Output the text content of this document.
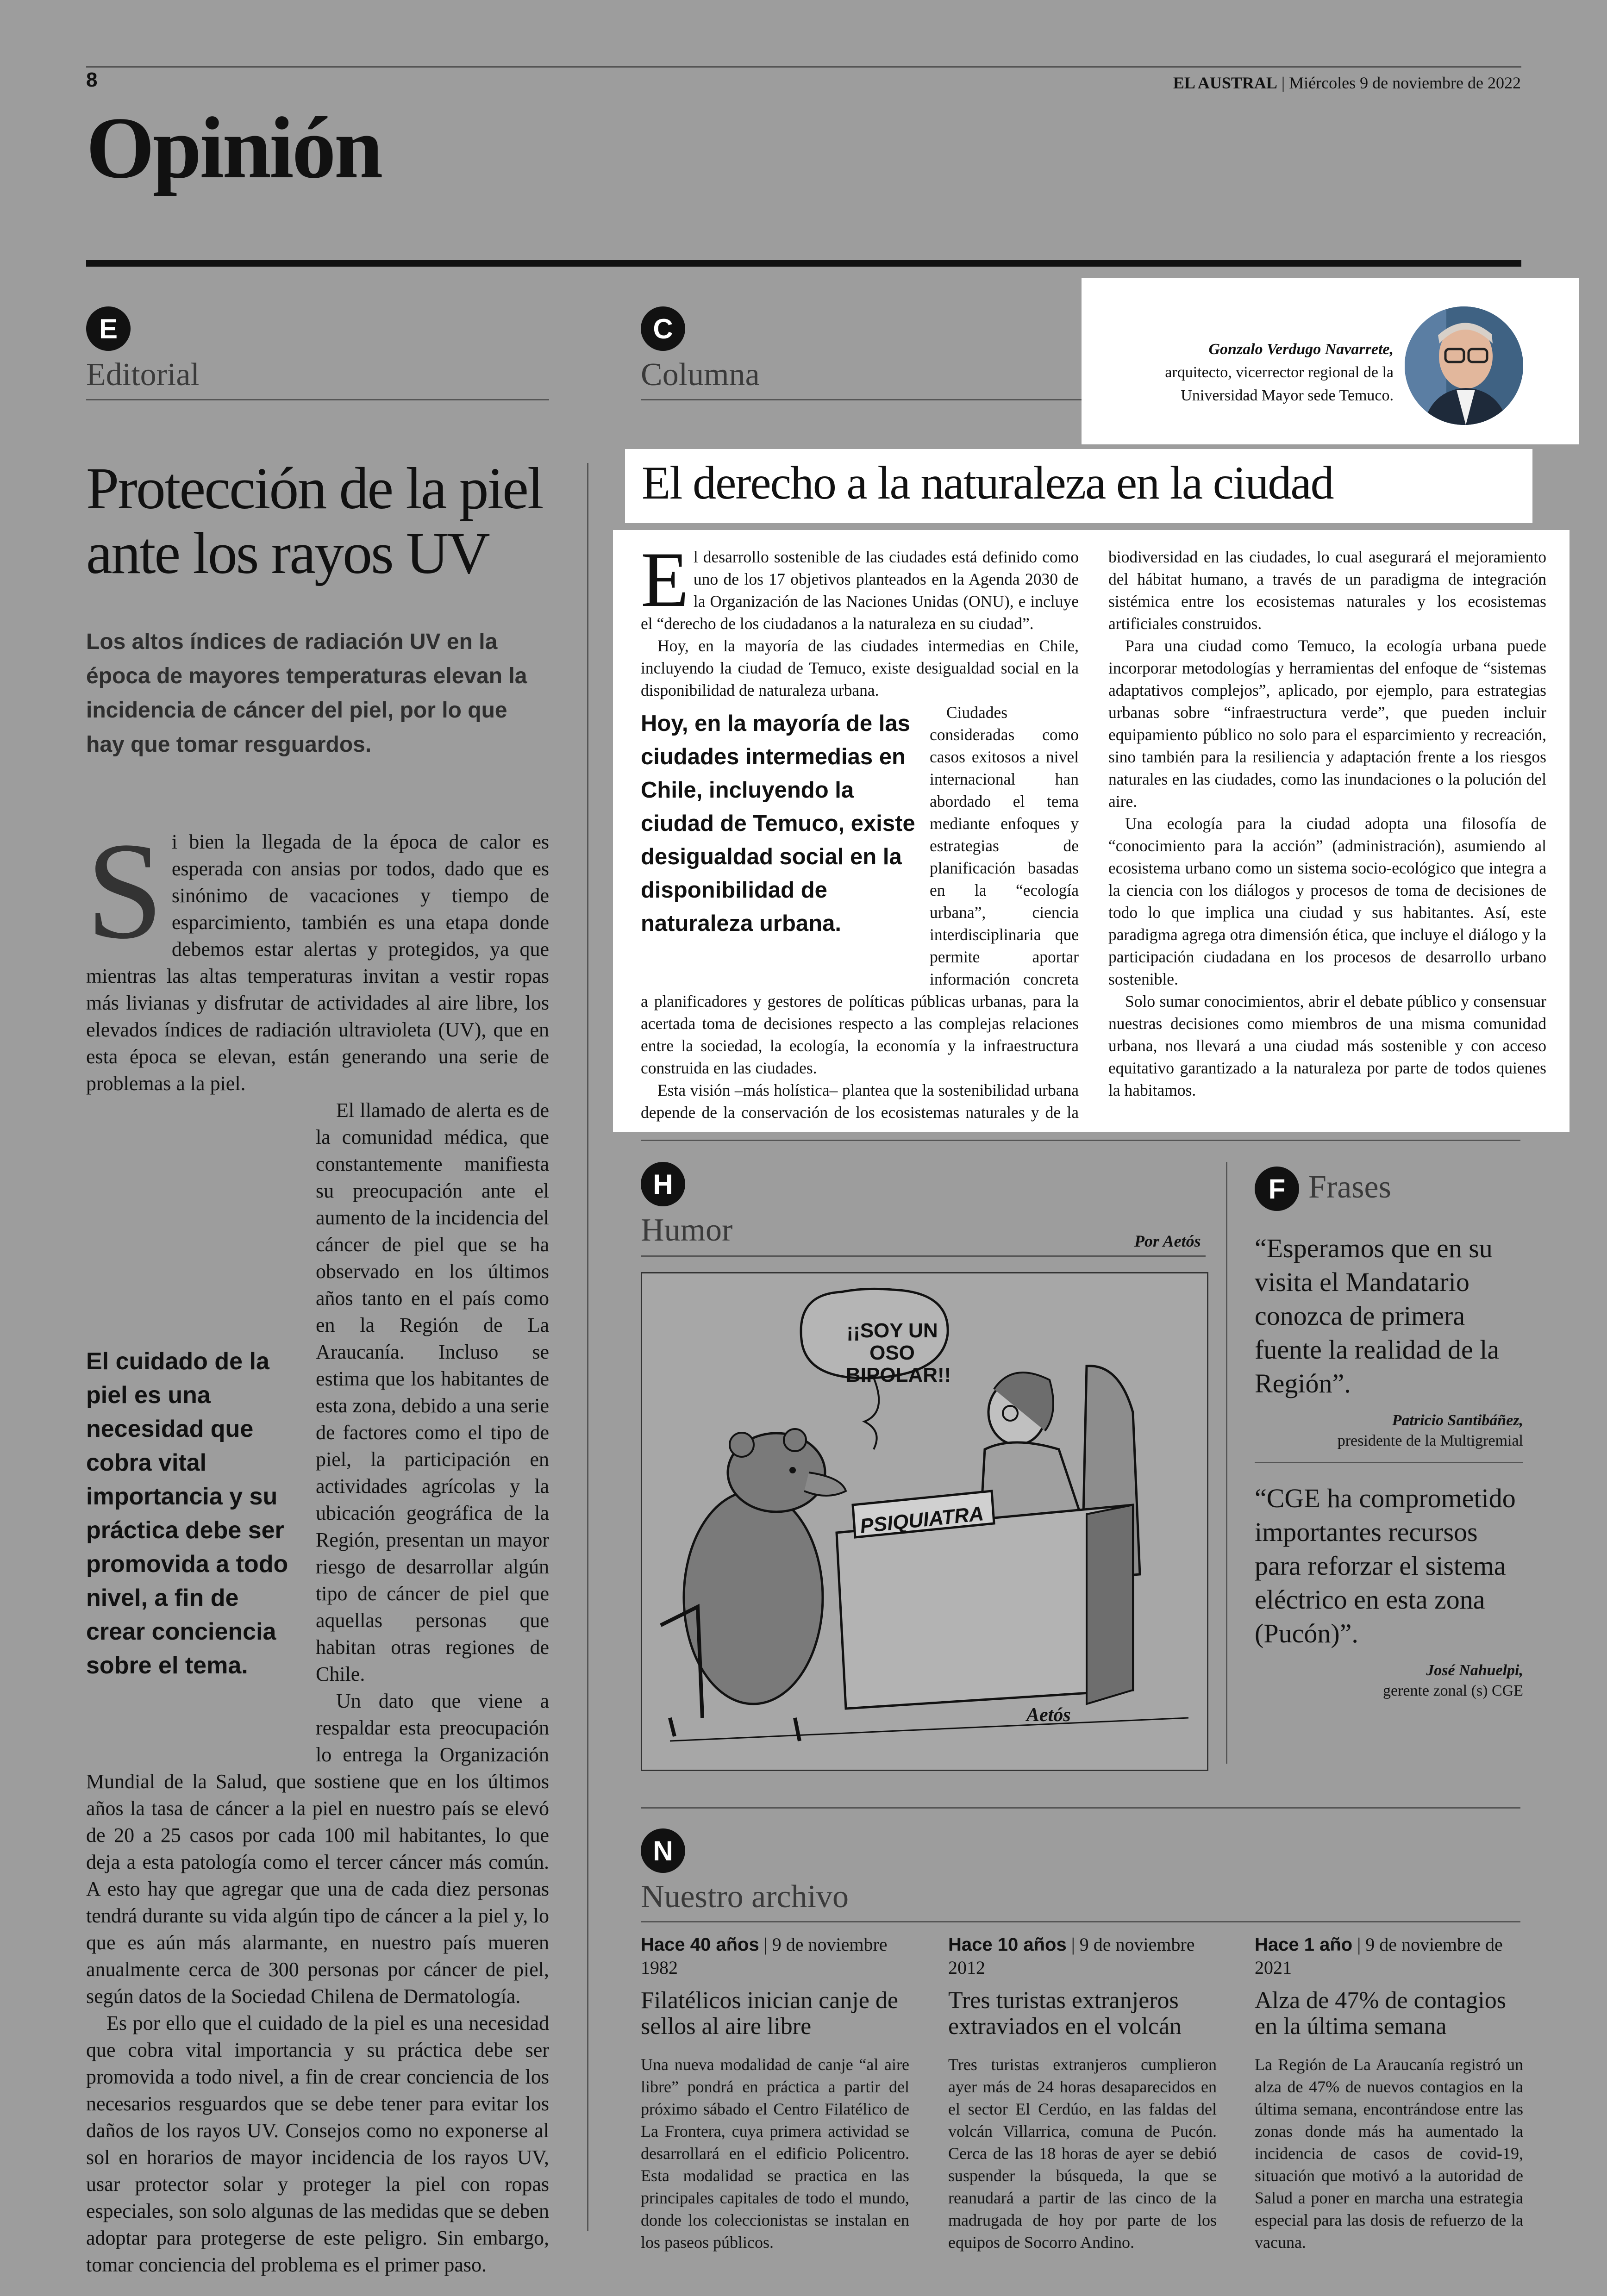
8	EL AUSTRAL | Miércoles 9 de noviembre de 2022
Opinión
E
Editorial
Protección de la piel ante los rayos UV
Los altos índices de radiación UV en la época de mayores temperaturas elevan la incidencia de cáncer del piel, por lo que hay que tomar resguardos.
S i bien la llegada de la época de calor es esperada con ansias por todos, dado que es sinónimo de vacaciones y tiempo de esparcimiento, también es una etapa donde debemos estar alertas y protegidos, ya que mientras las altas temperaturas invitan a vestir ropas más livianas y disfrutar de actividades al aire libre, los elevados índices de radiación ultravioleta (UV), que en esta época se elevan, están generando una serie de problemas a la piel.

El llamado de alerta es de la comunidad médica, que constantemente manifiesta su preocupación ante el aumento de la incidencia del cáncer de piel que se ha observado en los últimos años tanto en el país como en la Región de La Araucanía. Incluso se estima que los habitantes de esta zona, debido a una serie de factores como el tipo de piel, la participación en actividades agrícolas y la ubicación geográfica de la Región, presentan un mayor riesgo de desarrollar algún tipo de cáncer de piel que aquellas personas que habitan otras regiones de Chile.

Un dato que viene a respaldar esta preocupación lo entrega la Organización Mundial de la Salud, que sostiene que en los últimos años la tasa de cáncer a la piel en nuestro país se elevó de 20 a 25 casos por cada 100 mil habitantes, lo que deja a esta patología como el tercer cáncer más común. A esto hay que agregar que una de cada diez personas tendrá durante su vida algún tipo de cáncer a la piel y, lo que es aún más alarmante, en nuestro país mueren anualmente cerca de 300 personas por cáncer de piel, según datos de la Sociedad Chilena de Dermatología.

Es por ello que el cuidado de la piel es una necesidad que cobra vital importancia y su práctica debe ser promovida a todo nivel, a fin de crear conciencia de los necesarios resguardos que se debe tener para evitar los daños de los rayos UV. Consejos como no exponerse al sol en horarios de mayor incidencia de los rayos UV, usar protector solar y proteger la piel con ropas especiales, son solo algunas de las medidas que se deben adoptar para protegerse de este peligro. Sin embargo, tomar conciencia del problema es el primer paso.

El cuidado de la piel es una necesidad que cobra vital importancia y su práctica debe ser promovida a todo nivel, a fin de crear conciencia sobre el tema.
C
Columna
Gonzalo Verdugo Navarrete,
arquitecto, vicerrector regional de la Universidad Mayor sede Temuco.
El derecho a la naturaleza en la ciudad
E l desarrollo sostenible de las ciudades está definido como uno de los 17 objetivos planteados en la Agenda 2030 de la Organización de las Naciones Unidas (ONU), e incluye el “derecho de los ciudadanos a la naturaleza en su ciudad”.

Hoy, en la mayoría de las ciudades intermedias en Chile, incluyendo la ciudad de Temuco, existe desigualdad social en la disponibilidad de naturaleza urbana.

Hoy, en la mayoría de las ciudades intermedias en Chile, incluyendo la ciudad de Temuco, existe desigualdad social en la disponibilidad de naturaleza urbana.

Ciudades consideradas como casos exitosos a nivel internacional han abordado el tema mediante enfoques y estrategias de planificación basadas en la “ecología urbana”, ciencia interdisciplinaria que permite aportar información concreta a planificadores y gestores de políticas públicas urbanas, para la acertada toma de decisiones respecto a las complejas relaciones entre la sociedad, la ecología, la economía y la infraestructura construida en las ciudades.

Esta visión –más holística– plantea que la sostenibilidad urbana depende de la conservación de los ecosistemas naturales y de la biodiversidad en las ciudades, lo cual asegurará el mejoramiento del hábitat humano, a través de un paradigma de integración sistémica entre los ecosistemas naturales y los ecosistemas artificiales construidos.

Para una ciudad como Temuco, la ecología urbana puede incorporar metodologías y herramientas del enfoque de “sistemas adaptativos complejos”, aplicado, por ejemplo, para estrategias urbanas sobre “infraestructura verde”, que pueden incluir equipamiento público no solo para el esparcimiento y recreación, sino también para la resiliencia y adaptación frente a los riesgos naturales en las ciudades, como las inundaciones o la polución del aire.

Una ecología para la ciudad adopta una filosofía de “conocimiento para la acción” (administración), asumiendo al ecosistema urbano como un sistema socio-ecológico que integra a la ciencia con los diálogos y procesos de toma de decisiones de todo lo que implica una ciudad y sus habitantes. Así, este paradigma agrega otra dimensión ética, que incluye el diálogo y la participación ciudadana en los procesos de desarrollo urbano sostenible.

Solo sumar conocimientos, abrir el debate público y consensuar nuestras decisiones como miembros de una misma comunidad urbana, nos llevará a una ciudad más sostenible y con acceso equitativo garantizado a la naturaleza por parte de todos quienes la habitamos.

H
Humor	Por Aetós
¡¡SOY UN OSO BIPOLAR!!
PSIQUIATRA
Aetós
F Frases
“Esperamos que en su visita el Mandatario conozca de primera fuente la realidad de la Región”.
Patricio Santibáñez,
presidente de la Multigremial
“CGE ha comprometido importantes recursos para reforzar el sistema eléctrico en esta zona (Pucón)”.
José Nahuelpi,
gerente zonal (s) CGE
N
Nuestro archivo
Hace 40 años | 9 de noviembre 1982
Filatélicos inician canje de sellos al aire libre
Una nueva modalidad de canje “al aire libre” pondrá en práctica a partir del próximo sábado el Centro Filatélico de La Frontera, cuya primera actividad se desarrollará en el edificio Policentro. Esta modalidad se practica en las principales capitales de todo el mundo, donde los coleccionistas se instalan en los paseos públicos.
Hace 10 años | 9 de noviembre 2012
Tres turistas extranjeros extraviados en el volcán
Tres turistas extranjeros cumplieron ayer más de 24 horas desaparecidos en el sector El Cerdúo, en las faldas del volcán Villarrica, comuna de Pucón. Cerca de las 18 horas de ayer se debió suspender la búsqueda, la que se reanudará a partir de las cinco de la madrugada de hoy por parte de los equipos de Socorro Andino.
Hace 1 año | 9 de noviembre de 2021
Alza de 47% de contagios en la última semana
La Región de La Araucanía registró un alza de 47% de nuevos contagios en la última semana, encontrándose entre las zonas donde más ha aumentado la incidencia de casos de covid-19, situación que motivó a la autoridad de Salud a poner en marcha una estrategia especial para las dosis de refuerzo de la vacuna.
